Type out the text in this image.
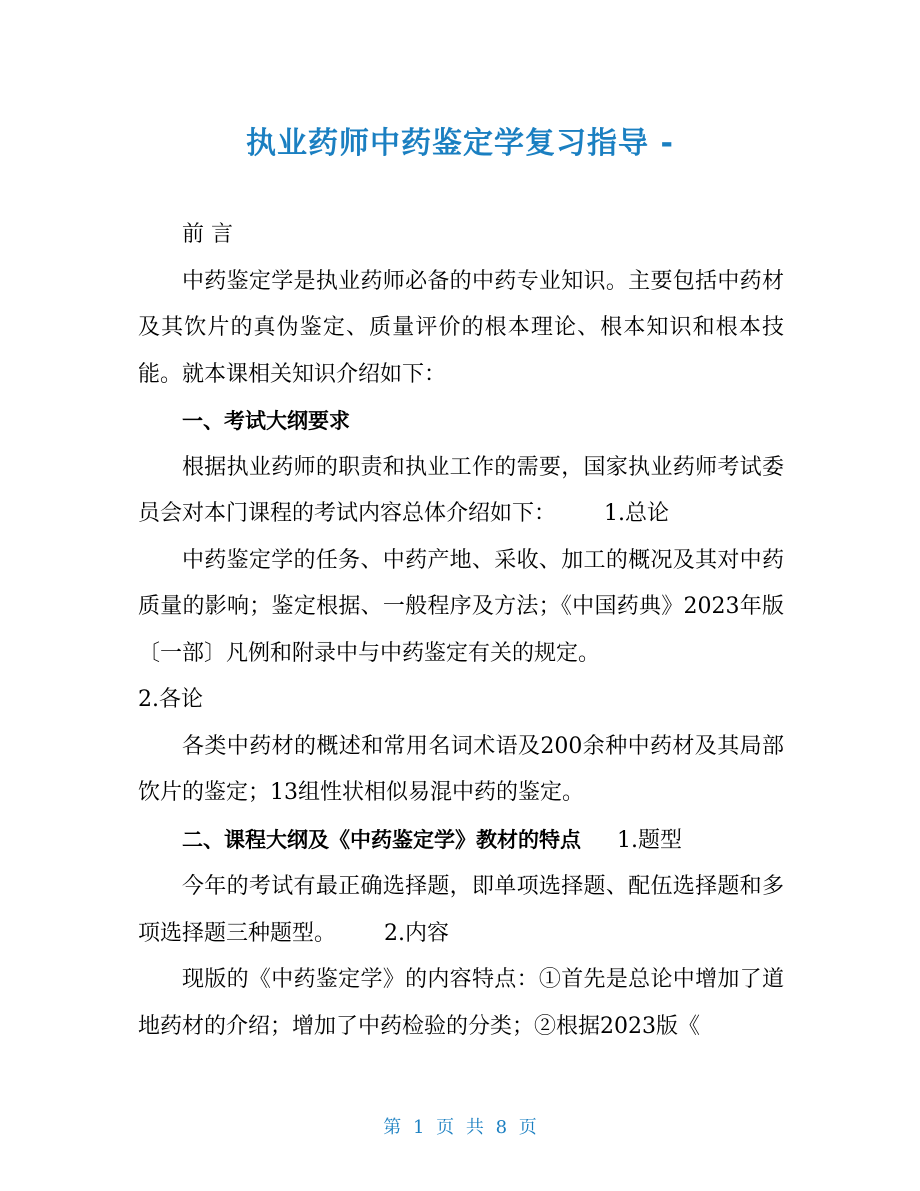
执业药师中药鉴定学复习指导 -

前 言

中药鉴定学是执业药师必备的中药专业知识。主要包括中药材及其饮片的真伪鉴定、质量评价的根本理论、根本知识和根本技能。就本课相关知识介绍如下：

一、考试大纲要求

根据执业药师的职责和执业工作的需要，国家执业药师考试委员会对本门课程的考试内容总体介绍如下： 1.总论

中药鉴定学的任务、中药产地、采收、加工的概况及其对中药质量的影响；鉴定根据、一般程序及方法；《中国药典》2023年版〔一部〕凡例和附录中与中药鉴定有关的规定。

2.各论

各类中药材的概述和常用名词术语及200余种中药材及其局部饮片的鉴定；13组性状相似易混中药的鉴定。

二、课程大纲及《中药鉴定学》教材的特点 1.题型

今年的考试有最正确选择题，即单项选择题、配伍选择题和多项选择题三种题型。 2.内容

现版的《中药鉴定学》的内容特点：①首先是总论中增加了道地药材的介绍；增加了中药检验的分类；②根据2023版《

第 1 页 共 8 页
